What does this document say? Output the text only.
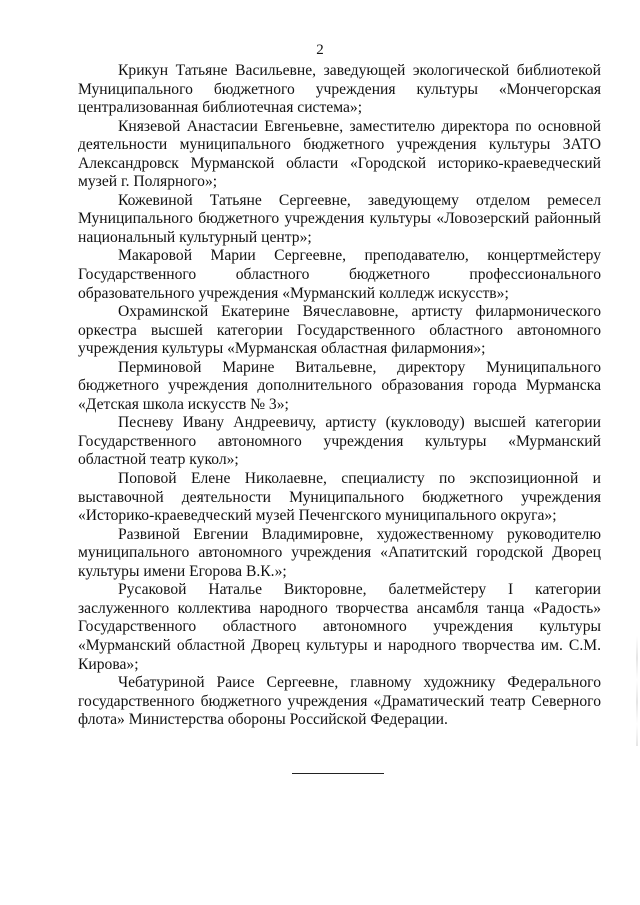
2

Крикун Татьяне Васильевне, заведующей экологической библиотекой Муниципального бюджетного учреждения культуры «Мончегорская централизованная библиотечная система»;

Князевой Анастасии Евгеньевне, заместителю директора по основной деятельности муниципального бюджетного учреждения культуры ЗАТО Александровск Мурманской области «Городской историко-краеведческий музей г. Полярного»;

Кожевиной Татьяне Сергеевне, заведующему отделом ремесел Муниципального бюджетного учреждения культуры «Ловозерский районный национальный культурный центр»;

Макаровой Марии Сергеевне, преподавателю, концертмейстеру Государственного областного бюджетного профессионального образовательного учреждения «Мурманский колледж искусств»;

Охраминской Екатерине Вячеславовне, артисту филармонического оркестра высшей категории Государственного областного автономного учреждения культуры «Мурманская областная филармония»;

Перминовой Марине Витальевне, директору Муниципального бюджетного учреждения дополнительного образования города Мурманска «Детская школа искусств № 3»;

Песневу Ивану Андреевичу, артисту (кукловоду) высшей категории Государственного автономного учреждения культуры «Мурманский областной театр кукол»;

Поповой Елене Николаевне, специалисту по экспозиционной и выставочной деятельности Муниципального бюджетного учреждения «Историко-краеведческий музей Печенгского муниципального округа»;

Развиной Евгении Владимировне, художественному руководителю муниципального автономного учреждения «Апатитский городской Дворец культуры имени Егорова В.К.»;

Русаковой Наталье Викторовне, балетмейстеру I категории заслуженного коллектива народного творчества ансамбля танца «Радость» Государственного областного автономного учреждения культуры «Мурманский областной Дворец культуры и народного творчества им. С.М. Кирова»;

Чебатуриной Раисе Сергеевне, главному художнику Федерального государственного бюджетного учреждения «Драматический театр Северного флота» Министерства обороны Российской Федерации.
